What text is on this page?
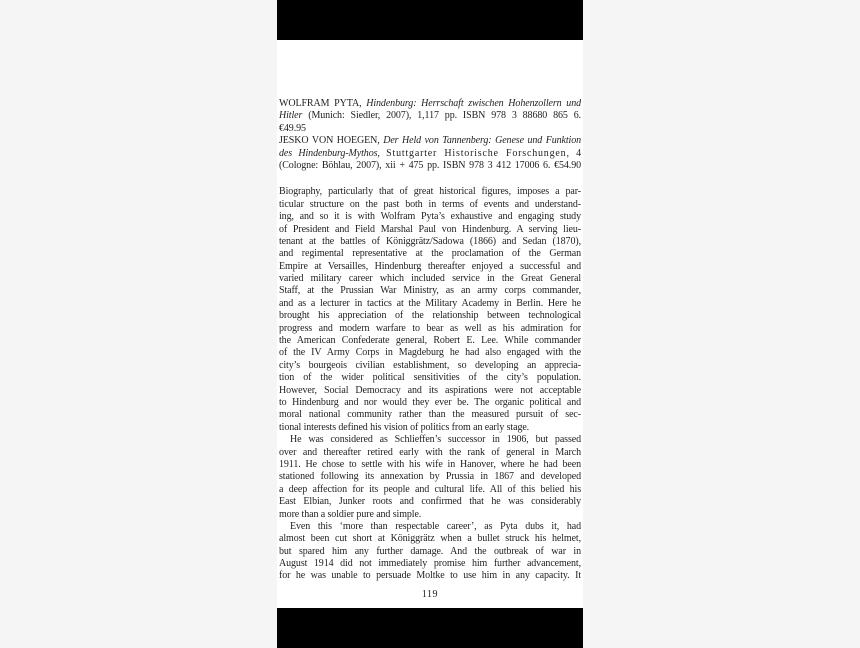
WOLFRAM PYTA, Hindenburg: Herrschaft zwischen Hohenzollern und
Hitler (Munich: Siedler, 2007), 1,117 pp. ISBN 978 3 88680 865 6.
€49.95
JESKO VON HOEGEN, Der Held von Tannenberg: Genese und Funktion
des Hindenburg-Mythos, Stuttgarter Historische Forschungen, 4
(Cologne: Böhlau, 2007), xii + 475 pp. ISBN 978 3 412 17006 6. €54.90
Biography, particularly that of great historical figures, imposes a par-
ticular structure on the past both in terms of events and understand-
ing, and so it is with Wolfram Pyta’s exhaustive and engaging study
of President and Field Marshal Paul von Hindenburg. A serving lieu-
tenant at the battles of Königgrätz/Sadowa (1866) and Sedan (1870),
and regimental representative at the proclamation of the German
Empire at Versailles, Hindenburg thereafter enjoyed a successful and
varied military career which included service in the Great General
Staff, at the Prussian War Ministry, as an army corps commander,
and as a lecturer in tactics at the Military Academy in Berlin. Here he
brought his appreciation of the relationship between technological
progress and modern warfare to bear as well as his admiration for
the American Confederate general, Robert E. Lee. While commander
of the IV Army Corps in Magdeburg he had also engaged with the
city’s bourgeois civilian establishment, so developing an apprecia-
tion of the wider political sensitivities of the city’s population.
However, Social Democracy and its aspirations were not acceptable
to Hindenburg and nor would they ever be. The organic political and
moral national community rather than the measured pursuit of sec-
tional interests defined his vision of politics from an early stage.
He was considered as Schlieffen’s successor in 1906, but passed
over and thereafter retired early with the rank of general in March
1911. He chose to settle with his wife in Hanover, where he had been
stationed following its annexation by Prussia in 1867 and developed
a deep affection for its people and cultural life. All of this belied his
East Elbian, Junker roots and confirmed that he was considerably
more than a soldier pure and simple.
Even this ‘more than respectable career’, as Pyta dubs it, had
almost been cut short at Königgrätz when a bullet struck his helmet,
but spared him any further damage. And the outbreak of war in
August 1914 did not immediately promise him further advancement,
for he was unable to persuade Moltke to use him in any capacity. It
119
